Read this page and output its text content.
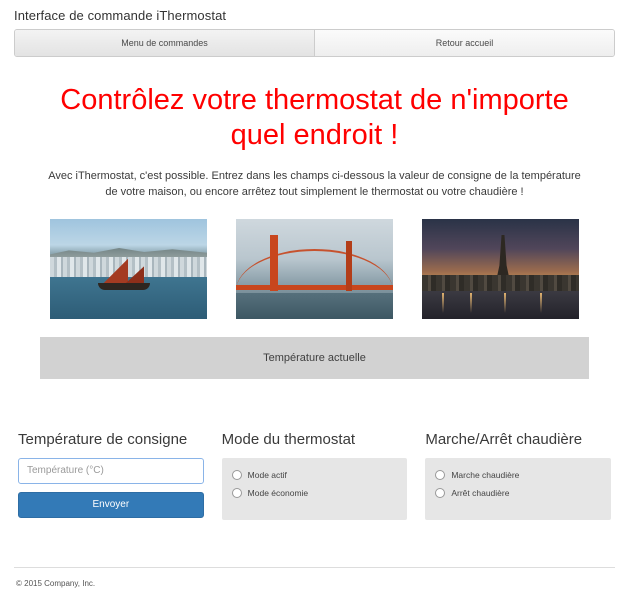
Interface de commande iThermostat
Menu de commandes	Retour accueil
Contrôlez votre thermostat de n'importe quel endroit !

Avec iThermostat, c'est possible. Entrez dans les champs ci-dessous la valeur de consigne de la température de votre maison, ou encore arrêtez tout simplement le thermostat ou votre chaudière !

Température actuelle
Température de consigne
Température (°C) Envoyer
Mode du thermostat
Mode actif
Mode économie
Marche/Arrêt chaudière
Marche chaudière
Arrêt chaudière
© 2015 Company, Inc.
